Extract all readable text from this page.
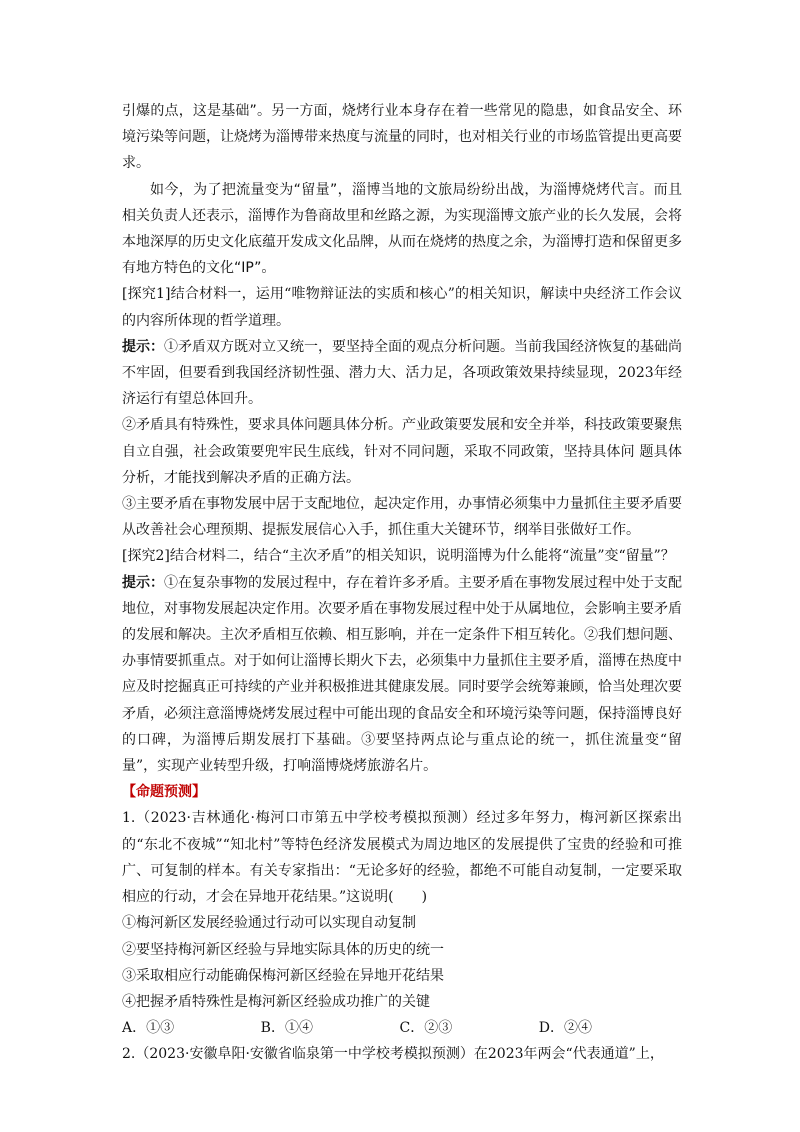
引爆的点，这是基础”。另一方面，烧烤行业本身存在着一些常见的隐患，如食品安全、环境污染等问题，让烧烤为淄博带来热度与流量的同时，也对相关行业的市场监管提出更高要求。

如今，为了把流量变为“留量”，淄博当地的文旅局纷纷出战，为淄博烧烤代言。而且相关负责人还表示，淄博作为鲁商故里和丝路之源，为实现淄博文旅产业的长久发展，会将本地深厚的历史文化底蕴开发成文化品牌，从而在烧烤的热度之余，为淄博打造和保留更多有地方特色的文化“IP”。

[探究1]结合材料一，运用“唯物辩证法的实质和核心”的相关知识，解读中央经济工作会议的内容所体现的哲学道理。

提示：①矛盾双方既对立又统一，要坚持全面的观点分析问题。当前我国经济恢复的基础尚不牢固，但要看到我国经济韧性强、潜力大、活力足，各项政策效果持续显现，2023年经济运行有望总体回升。

②矛盾具有特殊性，要求具体问题具体分析。产业政策要发展和安全并举，科技政策要聚焦自立自强，社会政策要兜牢民生底线，针对不同问题，采取不同政策，坚持具体问 题具体分析，才能找到解决矛盾的正确方法。

③主要矛盾在事物发展中居于支配地位，起决定作用，办事情必须集中力量抓住主要矛盾要从改善社会心理预期、提振发展信心入手，抓住重大关键环节，纲举目张做好工作。

[探究2]结合材料二，结合“主次矛盾”的相关知识，说明淄博为什么能将“流量”变“留量”？

提示：①在复杂事物的发展过程中，存在着许多矛盾。主要矛盾在事物发展过程中处于支配地位，对事物发展起决定作用。次要矛盾在事物发展过程中处于从属地位，会影响主要矛盾的发展和解决。主次矛盾相互依赖、相互影响，并在一定条件下相互转化。②我们想问题、办事情要抓重点。对于如何让淄博长期火下去，必须集中力量抓住主要矛盾，淄博在热度中应及时挖掘真正可持续的产业并积极推进其健康发展。同时要学会统筹兼顾，恰当处理次要矛盾，必须注意淄博烧烤发展过程中可能出现的食品安全和环境污染等问题，保持淄博良好的口碑，为淄博后期发展打下基础。③要坚持两点论与重点论的统一，抓住流量变“留量”，实现产业转型升级，打响淄博烧烤旅游名片。

【命题预测】

1.（2023·吉林通化·梅河口市第五中学校考模拟预测）经过多年努力，梅河新区探索出的“东北不夜城”“知北村”等特色经济发展模式为周边地区的发展提供了宝贵的经验和可推广、可复制的样本。有关专家指出：“无论多好的经验，都绝不可能自动复制，一定要采取相应的行动，才会在异地开花结果。”这说明(　　)

①梅河新区发展经验通过行动可以实现自动复制

②要坚持梅河新区经验与异地实际具体的历史的统一

③采取相应行动能确保梅河新区经验在异地开花结果

④把握矛盾特殊性是梅河新区经验成功推广的关键

A．①③	B．①④	C．②③	D．②④

2.（2023·安徽阜阳·安徽省临泉第一中学校考模拟预测）在2023年两会“代表通道”上，
